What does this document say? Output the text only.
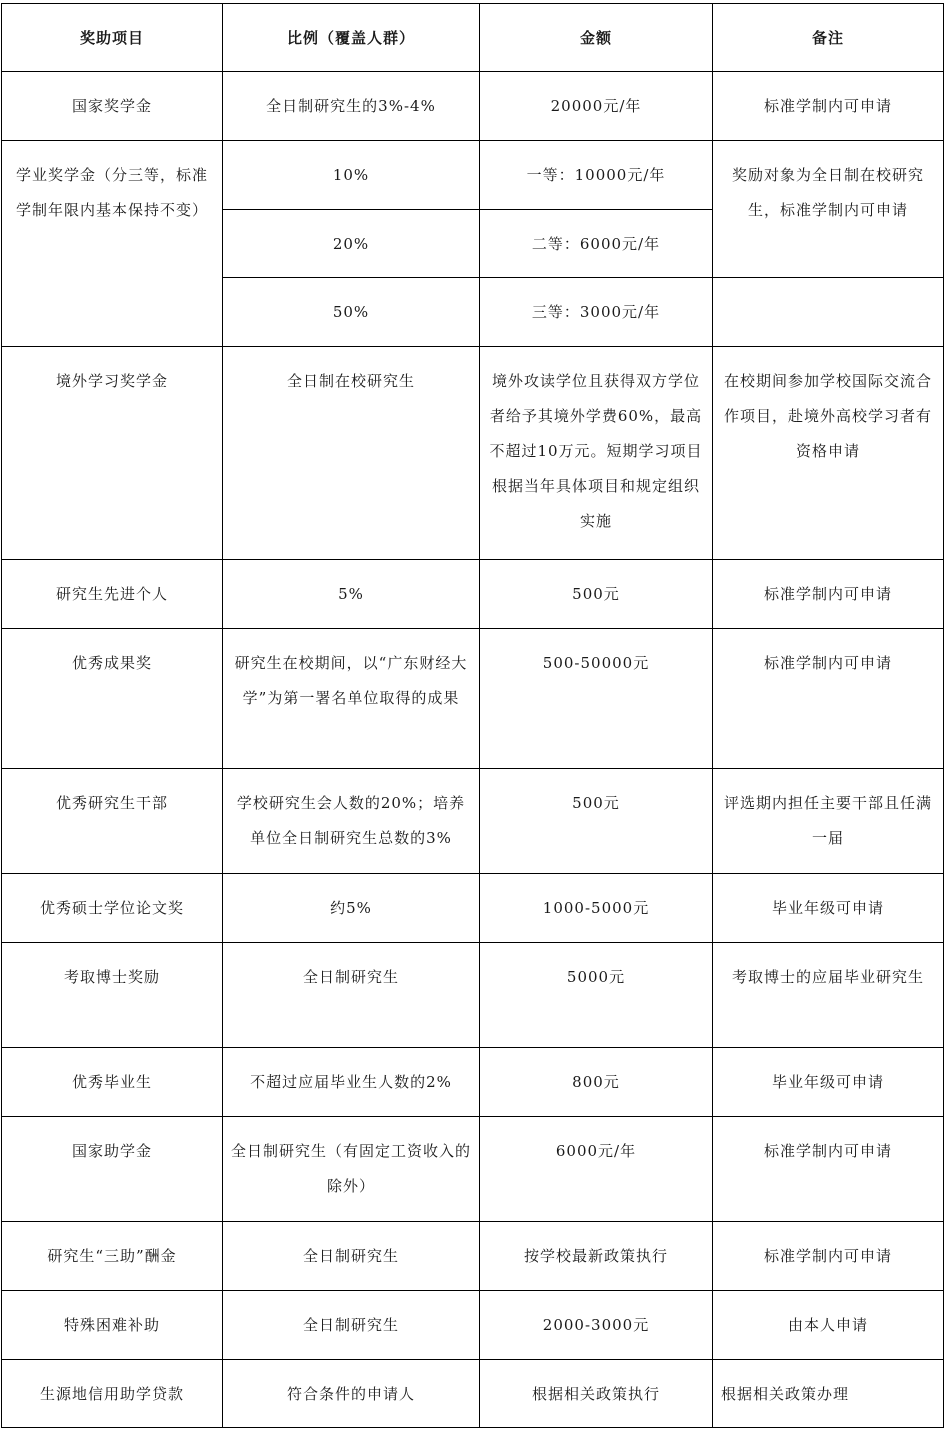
奖助项目	比例（覆盖人群）	金额	备注
国家奖学金	全日制研究生的3%-4%	20000元/年	标准学制内可申请
学业奖学金（分三等，标准学制年限内基本保持不变）	10%	一等：10000元/年	奖励对象为全日制在校研究生，标准学制内可申请
	20%	二等：6000元/年	
	50%	三等：3000元/年	
境外学习奖学金	全日制在校研究生	境外攻读学位且获得双方学位者给予其境外学费60%，最高不超过10万元。短期学习项目根据当年具体项目和规定组织实施	在校期间参加学校国际交流合作项目，赴境外高校学习者有资格申请
研究生先进个人	5%	500元	标准学制内可申请
优秀成果奖	研究生在校期间，以“广东财经大学”为第一署名单位取得的成果	500-50000元	标准学制内可申请
优秀研究生干部	学校研究生会人数的20%；培养单位全日制研究生总数的3%	500元	评选期内担任主要干部且任满一届
优秀硕士学位论文奖	约5%	1000-5000元	毕业年级可申请
考取博士奖励	全日制研究生	5000元	考取博士的应届毕业研究生
优秀毕业生	不超过应届毕业生人数的2%	800元	毕业年级可申请
国家助学金	全日制研究生（有固定工资收入的除外）	6000元/年	标准学制内可申请
研究生“三助”酬金	全日制研究生	按学校最新政策执行	标准学制内可申请
特殊困难补助	全日制研究生	2000-3000元	由本人申请
生源地信用助学贷款	符合条件的申请人	根据相关政策执行	根据相关政策办理
